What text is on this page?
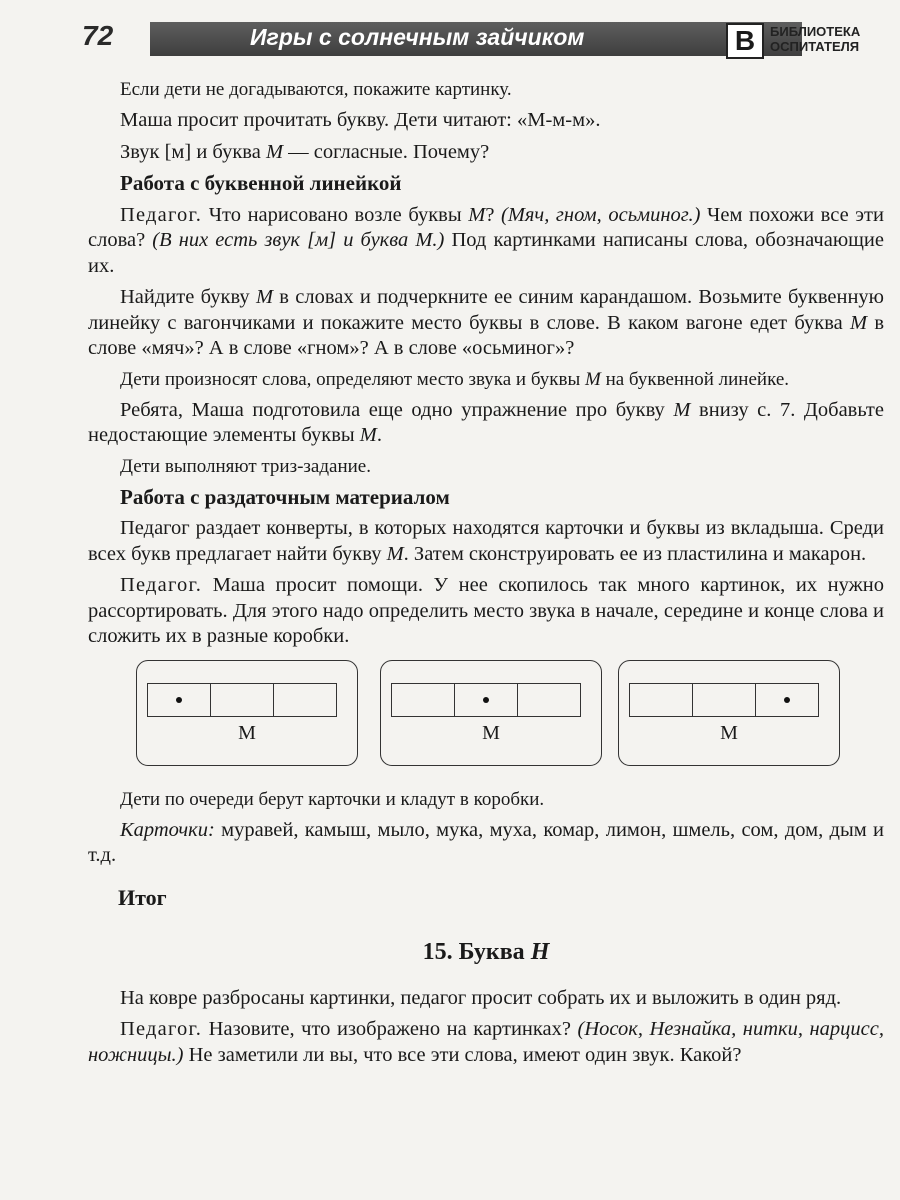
72	Игры с солнечным зайчиком	В	БИБЛИОТЕКА
ОСПИТАТЕЛЯ

Если дети не догадываются, покажите картинку.

Маша просит прочитать букву. Дети читают: «М-м-м».

Звук [м] и буква М — согласные. Почему?

Работа с буквенной линейкой

Педагог. Что нарисовано возле буквы М? (Мяч, гном, осьминог.) Чем похожи все эти слова? (В них есть звук [м] и буква М.) Под картинками написаны слова, обозначающие их.

Найдите букву М в словах и подчеркните ее синим карандашом. Возьмите буквенную линейку с вагончиками и покажите место буквы в слове. В каком вагоне едет буква М в слове «мяч»? А в слове «гном»? А в слове «осьминог»?

Дети произносят слова, определяют место звука и буквы М на буквенной линейке.

Ребята, Маша подготовила еще одно упражнение про букву М внизу с. 7. Добавьте недостающие элементы буквы М.

Дети выполняют триз-задание.

Работа с раздаточным материалом

Педагог раздает конверты, в которых находятся карточки и буквы из вкладыша. Среди всех букв предлагает найти букву М. Затем сконструировать ее из пластилина и макарон.

Педагог. Маша просит помощи. У нее скопилось так много картинок, их нужно рассортировать. Для этого надо определить место звука в начале, середине и конце слова и сложить их в разные коробки.

М	М	М

Дети по очереди берут карточки и кладут в коробки.

Карточки: муравей, камыш, мыло, мука, муха, комар, лимон, шмель, сом, дом, дым и т.д.

Итог
15. Буква Н

На ковре разбросаны картинки, педагог просит собрать их и выложить в один ряд.

Педагог. Назовите, что изображено на картинках? (Носок, Незнайка, нитки, нарцисс, ножницы.) Не заметили ли вы, что все эти слова, имеют один звук. Какой?
